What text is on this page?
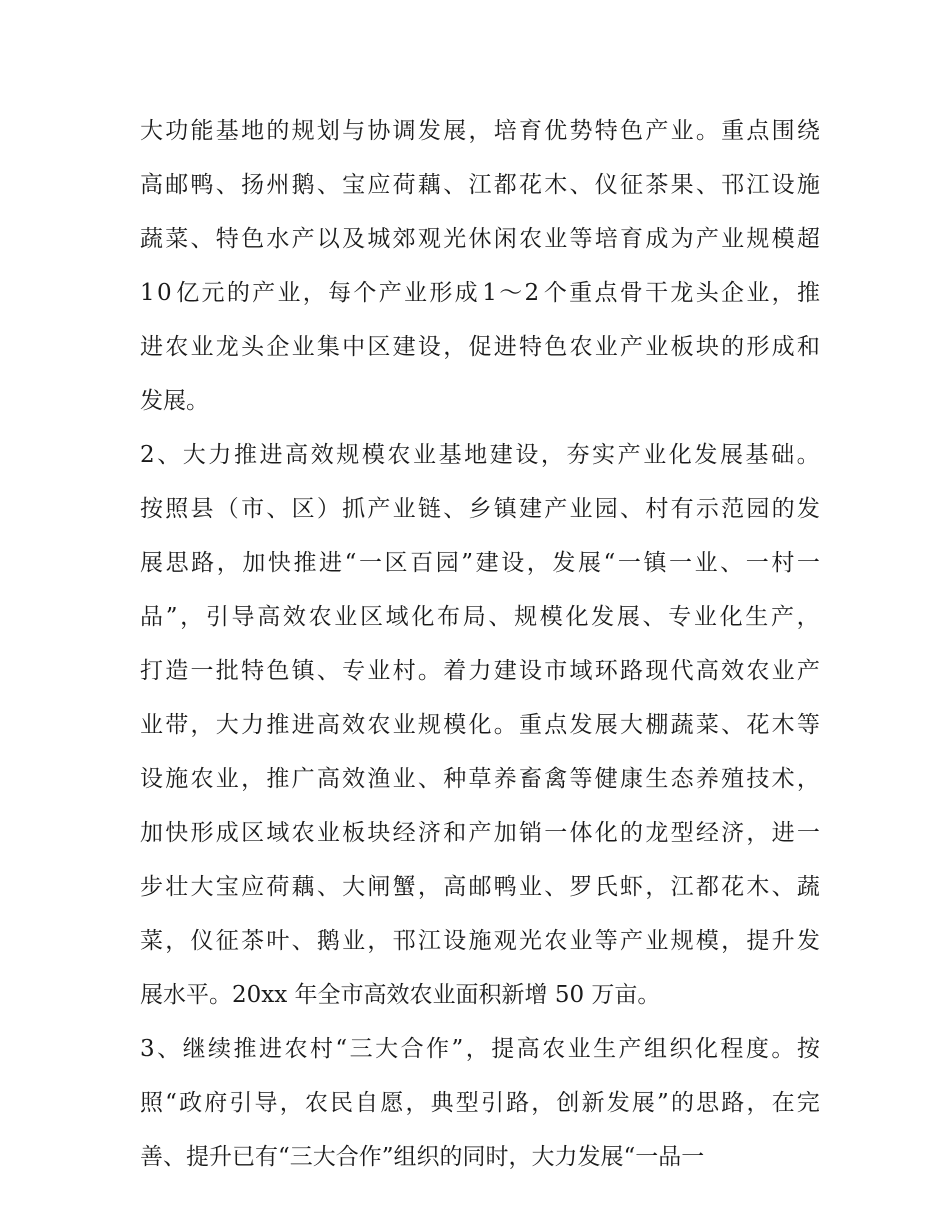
大 功 能 基 地 的 规 划 与 协 调 发 展 ， 培 育 优 势 特 色 产 业 。 重 点 围 绕
高 邮 鸭 、 扬 州 鹅 、 宝 应 荷 藕 、 江 都 花 木 、 仪 征 茶 果 、 邗 江 设 施
蔬 菜 、 特 色 水 产 以 及 城 郊 观 光 休 闲 农 业 等 培 育 成 为 产 业 规 模 超
1 0 亿 元 的 产 业 ， 每 个 产 业 形 成 1 ～ 2 个 重 点 骨 干 龙 头 企 业 ， 推
进 农 业 龙 头 企 业 集 中 区 建 设 ， 促 进 特 色 农 业 产 业 板 块 的 形 成 和
发展。
2 、 大 力 推 进 高 效 规 模 农 业 基 地 建 设 ， 夯 实 产 业 化 发 展 基 础 。
按 照 县 （ 市 、 区 ） 抓 产 业 链 、 乡 镇 建 产 业 园 、 村 有 示 范 园 的 发
展 思 路 ， 加 快 推 进 “ 一 区 百 园 ” 建 设 ， 发 展 “ 一 镇 一 业 、 一 村 一
品 ” ， 引 导 高 效 农 业 区 域 化 布 局 、 规 模 化 发 展 、 专 业 化 生 产 ，
打 造 一 批 特 色 镇 、 专 业 村 。 着 力 建 设 市 域 环 路 现 代 高 效 农 业 产
业 带 ， 大 力 推 进 高 效 农 业 规 模 化 。 重 点 发 展 大 棚 蔬 菜 、 花 木 等
设 施 农 业 ， 推 广 高 效 渔 业 、 种 草 养 畜 禽 等 健 康 生 态 养 殖 技 术 ，
加 快 形 成 区 域 农 业 板 块 经 济 和 产 加 销 一 体 化 的 龙 型 经 济 ， 进 一
步 壮 大 宝 应 荷 藕 、 大 闸 蟹 ， 高 邮 鸭 业 、 罗 氏 虾 ， 江 都 花 木 、 蔬
菜 ， 仪 征 茶 叶 、 鹅 业 ， 邗 江 设 施 观 光 农 业 等 产 业 规 模 ， 提 升 发
展水平。20xx 年全市高效农业面积新增 50 万亩。
3 、 继 续 推 进 农 村 “ 三 大 合 作 ” ， 提 高 农 业 生 产 组 织 化 程 度 。 按
照 “ 政 府 引 导 ， 农 民 自 愿 ， 典 型 引 路 ， 创 新 发 展 ” 的 思 路 ， 在 完
善、提升已有“三大合作”组织的同时，大力发展“一品一
